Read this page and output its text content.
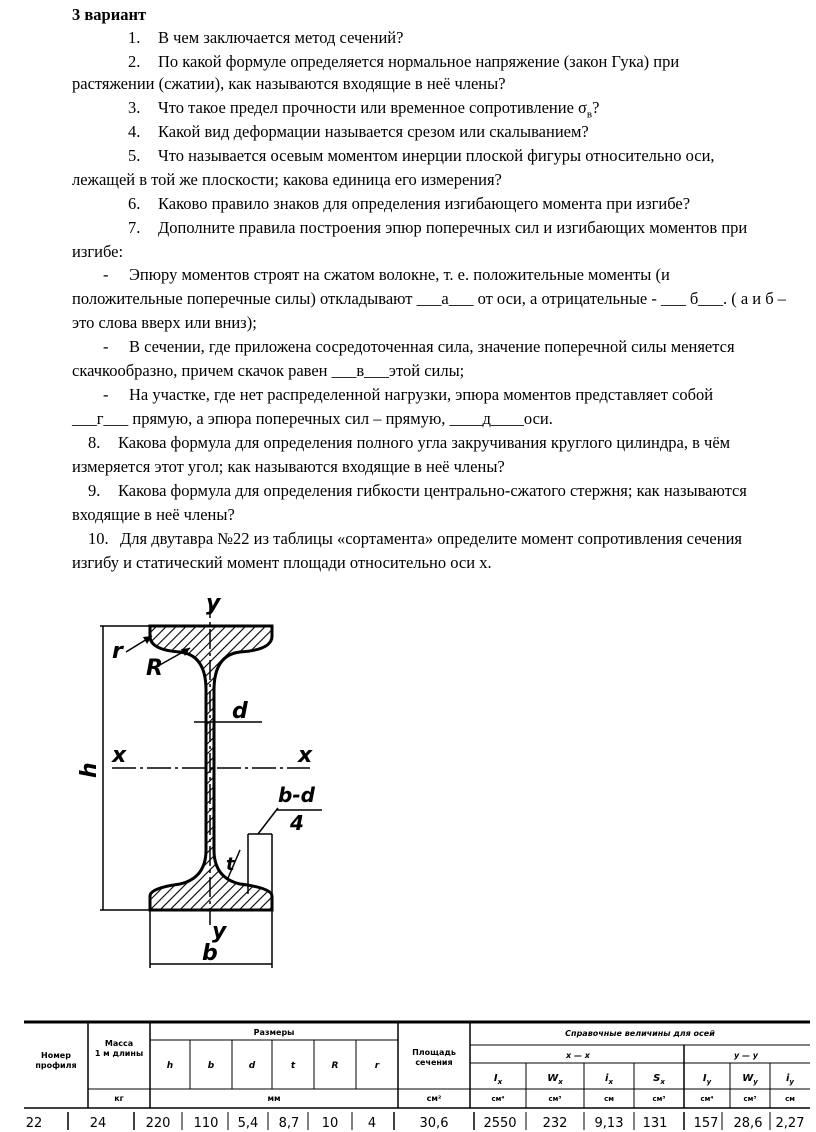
3 вариант
1. В чем заключается метод сечений?
2. По какой формуле определяется нормальное напряжение (закон Гука) при
растяжении (сжатии), как называются входящие в неё члены?
3. Что такое предел прочности или временное сопротивление $\sigma_в$?
4. Какой вид деформации называется срезом или скалыванием?
5. Что называется осевым моментом инерции плоской фигуры относительно оси,
лежащей в той же плоскости; какова единица его измерения?
6. Каково правило знаков для определения изгибающего момента при изгибе?
7. Дополните правила построения эпюр поперечных сил и изгибающих моментов при
изгибе:
- Эпюру моментов строят на сжатом волокне, т. е. положительные моменты (и
положительные поперечные силы) откладывают ___а___ от оси, а отрицательные - ___ б___. ( а и б –
это слова вверх или вниз);
- В сечении, где приложена сосредоточенная сила, значение поперечной силы меняется
скачкообразно, причем скачок равен ___в___этой силы;
- На участке, где нет распределенной нагрузки, эпюра моментов представляет собой
___г___ прямую, а эпюра поперечных сил – прямую, ____д____оси.
8. Какова формула для определения полного угла закручивания круглого цилиндра, в чём
измеряется этот угол; как называются входящие в неё члены?
9. Какова формула для определения гибкости центрально-сжатого стержня; как называются
входящие в неё члены?
10. Для двутавра №22 из таблицы «сортамента» определите момент сопротивления сечения
изгибу и статический момент площади относительно оси х.
y
y
x	x
h
b
d
r
R
t
b-d
4
Номер
профиля
Масса
1 м длины
Размеры
Площадь
сечения
Справочные величины для осей
x — x	y — y
кг	мм	см²
h	b	d	t	R	r
$I_x$	$W_x$	$i_x$	$S_x$	$I_y$	$W_y$	$i_y$
см⁴	см³	см	см³	см⁴	см³	см
22	24	220 110 5,4 8,7 10 4	30,6	2550 232 9,13 131 157 28,6 2,27
